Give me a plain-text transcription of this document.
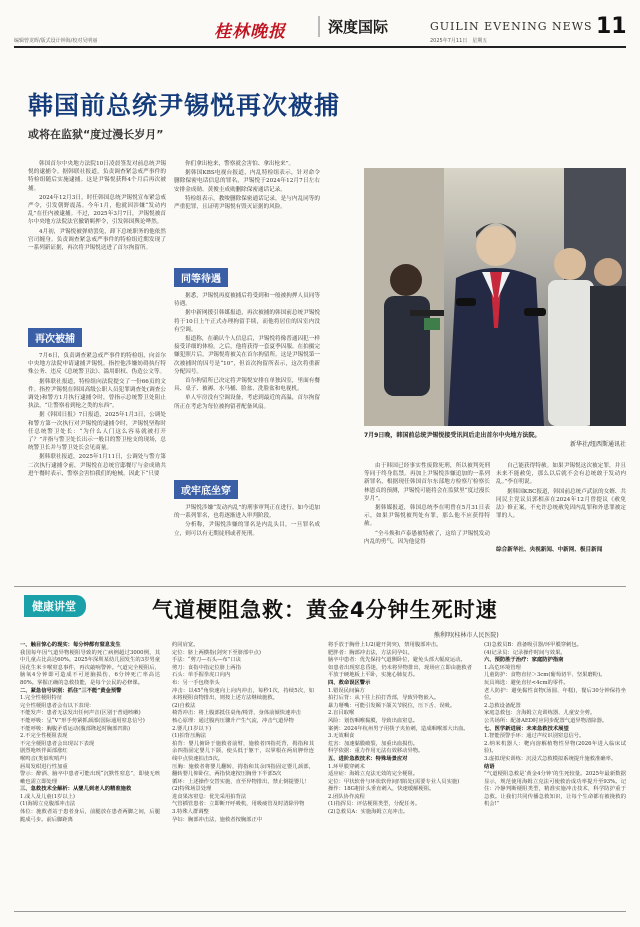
桂林晚报	深度国际	GUILIN EVENING NEWS 11
编辑曾龙晖/版式设计钟海/校对吴明丽	2025年7月11日　星期五
韩国前总统尹锡悦再次被捕
或将在监狱“度过漫长岁月”

韩国首尔中央地方法院10日凌晨签发对前总统尹锡悦的逮捕令。据韩联社报道，负责调查紧急戒严事件的特检组随后实施逮捕。这是尹锡悦获释4个月后再次被捕。

2024年12月3日，时任韩国总统尹锡悦宣布紧急戒严令，引发朝野震荡。今年1月，他就因涉嫌“发动内乱”在任内被逮捕。不过，2025年3月7日，尹锡悦被首尔中央地方法院法官撤销羁押令，引发韩国舆论哗然。

4月初，尹锡悦被弹劾罢免，卸下总统职务的他依然官司缠身。负责调查紧急戒严事件的特检组近期发现了一系列新证据，再次将尹锡悦送进了首尔拘留所。

再次被捕

7月6日，负责调查紧急戒严事件的特检组，向首尔中央地方法院申请逮捕尹锡悦。指控他涉嫌妨碍执行特殊公务、违反《总统警卫法》、滥用职权、伪造公文等。

据韩联社报道，特检组向法院提交了一份66页的文件。指控尹锡悦在韩国高级公职人员犯罪调查处(调查公调处)和警方1月执行逮捕令时，曾指示总统警卫处阻止执法。“让警察看到枪之类的东西”。

据《韩国日报》7日报道，2025年1月3日，公调处和警方第一次执行对尹锡悦的逮捕令时，尹锡悦坚称时任总统警卫处长：“为什么人门这么容易就被打开了？”并指与警卫处长出示一般目的警卫枪支的现场，总统警卫长并与警卫处长会见商量。

据韩联社报道，2025年1月11日，公调处与警方第二次执行逮捕令前，尹锡悦在总统官邸餐厅与金成勋共进午餐时表示，警察会害怕我们的枪械。因此下“只要

你们拿出枪来，警察就会害怕、拿出枪来”。

据韩国KBS电视台报道，内乱特检组表示，针对命令删除保密电话信息的罪名，尹锡悦于2024年12月7日左右安排金成勋、黄俊圭成勋删除保密通话记录。

特检组表示，教唆删除保密通话记录，是与内乱同等的严重犯罪，且证明尹锡悦有毁灭证据的风险。

同等待遇

据悉，尹锡悦再度被捕后将受到和一般被拘押人员同等待遇。

据中新网援引韩媒报道，再次被捕的韩国前总统尹锡悦将于10日上午正式办理拘留手续，而他将居住的囚室内没有空调。

报道称，在确认个人信息后，尹锡悦将像普通囚犯一样接受详细的体检。之后，他将获得一套夏季囚服。在拍摄完嫌犯照片后，尹锡悦将被关在首尔拘留所。这是尹锡悦第一次被捕时的囚号是“10”，但首次拘留所表示，这次将重新分配囚号。

首尔拘留所已决定将尹锡悦安排在单独囚室，里面有餐具、桌子、被褥、水马桶、脸盆、洗脸盆和电视机。

单人牢房没有空调设备，考虑到最近的高温，首尔拘留所正在考虑为每位被拘留者配备风扇。

或牢底坐穿

尹锡悦涉嫌“发动内乱”的刑事审判正在进行。如今追加的一系列罪名，也将逐渐进入审判阶段。

分析称，尹锡悦涉嫌的罪名是内乱头目，一旦罪名成立，则可以有无期徒刑或者死刑。

7月9日晚，韩国前总统尹锡悦接受讯问后走出首尔中央地方法院。
新华社/纽西斯通讯社

由于韩国已经事实性废除死刑，所以被判死刑等同于终身监禁。再加上尹锡悦涉嫌追加的一系列新罪名，根据现任韩国首尔东部地方检察厅检察长林恩贞的预测，尹锡悦可能将会在监狱里“度过漫长岁月”。

据韩媒报道，韩国总统李在明曾在5月31日表示，如果尹锡悦被判处有罪，那么他不应获得特赦。

“全斗焕和卢泰愚被特赦了，这给了尹锡悦发动内乱的勇气，因为他觉得

自己能获得特赦。如果尹锡悦这次被定罪，并且未来不能赦免，那么以后就不会有总统敢于发动内乱。”李在明说。

据韩国KBC报道，韩国前总统卢武铉的女婿、共同民主党议员郭相彦在2024年12月曾提议《赦免法》修正案，不允许总统赦免因内乱罪和外患罪被定罪的人。

综合新华社、央视新闻、中新网、极目新闻
健康讲堂	气道梗阻急救：黄金4分钟生死时速
熊利明(桂林市人民医院)
一、触目惊心的现实：每分钟都有窒息发生
我国每年因气道异物梗阻导致的死亡病例超过3000例，其中儿童占比高达60%。2025年深圳某幼儿园发生的3岁男童因花生米卡喉窒息事件，再次敲响警钟。气道完全梗阻后，脑氧4分钟即可造成不可逆脑损伤，6分钟死亡率高达80%。掌握正确的急救技能，是每个公民的必修课。
二、紧急信号识别：抓住“三不能”黄金预警
1.完全性梗阻特征
完全性梗阻患者会有以下表现：
不能发声：患者无法发出任何声音(区别于普通咳嗽)
不能呼吸：呈“V”形手势紧抓颈部(国际通用窒息信号)
不能呼吸：胸腹矛盾运动(腹部隆起时胸部凹陷)
2.不完全性梗阻表现
不完全梗阻患者会出现以下表现
剧烈呛咳伴面部涨红
喉鸣音(类似吹哨声)
唇周发绀进行性加重
警示：醉酒、脑卒中患者可能出现“沉默性窒息”，即使无咳嗽也需立即处理
三、急救技术全解析：从婴儿到老人的精准施救
1.成人及儿童(1岁以上)
(1)海姆立克腹部冲击法
体位：施救者站于患者身后，前腿放在患者两脚之间，后腿跪成弓步。前后脚距离
约同肩宽。
定位：脐上两横指(剑突下至脐部中点)
手法：“剪刀—石头—布”口诀
剪刀：食指中指定位脐上两指
石头：单手握拳虎口向内
布：另一手包绕拳头
冲击：以45°角快速向上向内冲击，每秒1次，持续5次，如未将梗阻食物排出，则按上述方法继续施救。
(2)自救法
椅背冲击：将上腹部抵住桌角/椅背，身体前倾快速冲击
核心原理：通过腹内压骤升产生气流，冲击气道异物
2.婴儿(1岁以下)
(1)拍背压胸法
拍背：婴儿俯卧于施救者前臂，施救者四指托背，拇指和其余四指固定婴儿下颌，使头低于躯干，以掌根在两肩胛骨连线中点快速拍击5次。
压胸：施救者将婴儿翻转，拇指和其余四指固定婴儿颈部，翻转婴儿仰卧位，两指快速按压胸骨下半部5次
循环：上述操作交替实施，直至异物排出，禁止倒提婴儿！
(2)特殊场景处理
进食果冻窒息：优先采用拍背法
气管插管患者：立即断开呼吸机，用吸痰管及时清除异物
3.特殊人群调整
孕妇：胸部冲击法，施救者按胸部正中
将手放于胸骨上1/2(避开剑突)，禁用腹部冲击。
肥胖者：胸部冲击法，方法同孕妇。
脑卒中患者：优先保持气道侧卧位，避免头部大幅度运动。
如患者出现窒息昏迷，仍未将异物排出，现场应立即由施救者平放于硬地板上平卧，实施心肺复苏。
四、救命误区警示
1.错误民间偏方
拍打后背：从下往上拍打背部，导致异物嵌入。
暴力掰嘴：可能引发颞下颌关节脱位，压下舌、误吸。
2.盲目取喉
风险：划伤咽喉黏膜，导致出血窒息。
案例：2024年杭州男子用筷子夹鱼刺，造成咽喉部大出血。
3.无效咽食
危害：加速黏膜破裂，加重出血损伤。
科学依据：重力作用无法有效移动异物。
五、进阶急救技术：特殊场景应对
1.环甲膜穿刺术
适应症：海姆立克法无效的完全梗阻。
定位：甲状软骨与环状软骨间凹陷处(需要专业人员实施)
操作：18G粗针头垂直刺入，快速缓解梗阻。
2.团队协作流程
(1)指挥员：评估梗阻类型，分配任务。
(2)急救员A：实施海姆立克冲击。
(3)急救员B：准备吸引器/环甲膜穿刺包。
(4)记录员：记录操作时间与效果。
六、预防胜于治疗：家庭防护指南
1.高危环境管理
儿童防护：食物直径＞3cm(葡萄切半、坚果磨粉)。
玩具筛选：避免直径<4cm的零件。
老人防护：避免黏性食物(汤圆、年糕)，餐后30分钟保持坐位。
2.急救设备配置
家庭急救包：含海姆立克训练器、儿童安全剪。
公共场所：配备AED时应同步配置气道异物清除器。
七、医学新进展：未来急救技术展望
1.智能预警手环：通过声纹识别窒息信号。
2.纳米机器人：靶向溶解植物性异物(2026年进入临床试验)。
3.虚拟现实训练：沉浸式急救模拟系统提升施救准确率。
结语
“气道梗阻急救是‘黄金4分钟’的生死较量。2025年最新数据显示，规范使用海姆立克法可使救治成功率提升至93%。记住：冷静判断梗阻类型，精准实施冲击技术，科学防护重于急救。让我们共同传播急救知识，让每个生命都有被挽救的机会!”
